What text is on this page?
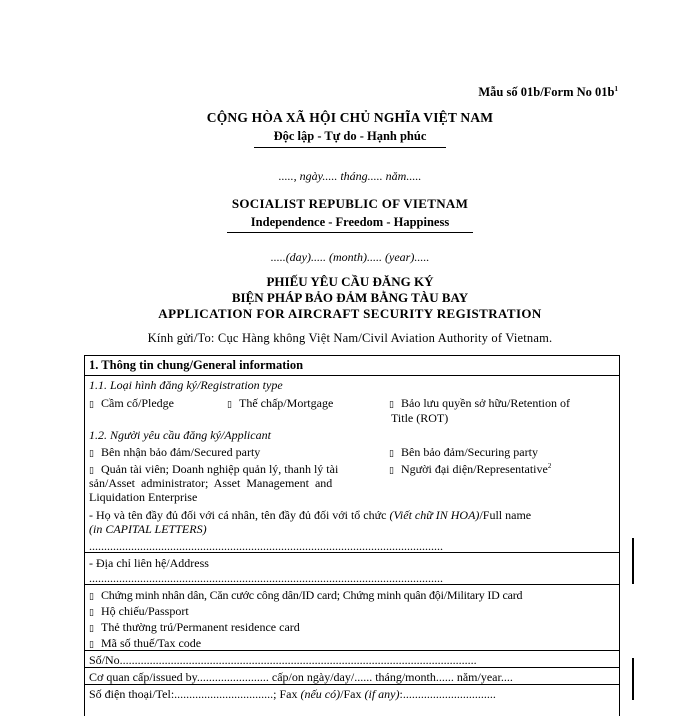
Mẫu số 01b/Form No $01b^1$
CỘNG HÒA XÃ HỘI CHỦ NGHĨA VIỆT NAM
Độc lập - Tự do - Hạnh phúc
....., ngày..... tháng..... năm.....
SOCIALIST REPUBLIC OF VIETNAM
Independence - Freedom - Happiness
.....(day)..... (month)..... (year).....
PHIẾU YÊU CẦU ĐĂNG KÝ
BIỆN PHÁP BẢO ĐẢM BẰNG TÀU BAY
APPLICATION FOR AIRCRAFT SECURITY REGISTRATION
Kính gửi/To: Cục Hàng không Việt Nam/Civil Aviation Authority of Vietnam.
1. Thông tin chung/General information
1.1. Loại hình đăng ký/Registration type
▯ Cầm cố/Pledge	▯ Thế chấp/Mortgage	▯ Bảo lưu quyền sở hữu/Retention of
Title (ROT)
1.2. Người yêu cầu đăng ký/Applicant
▯ Bên nhận bảo đảm/Secured party	▯ Bên bảo đảm/Securing party
▯ Quản tài viên; Doanh nghiệp quản lý, thanh lý tài
sản/Asset administrator; Asset Management and
Liquidation Enterprise
▯ Người đại diện/Representative$^2$
- Họ và tên đầy đủ đối với cá nhân, tên đầy đủ đối với tổ chức (Viết chữ IN HOA)/Full name
(in CAPITAL LETTERS)
......................................................................................................................
- Địa chỉ liên hệ/Address
......................................................................................................................
▯ Chứng minh nhân dân, Căn cước công dân/ID card; Chứng minh quân đội/Military ID card
▯ Hộ chiếu/Passport
▯ Thẻ thường trú/Permanent residence card
▯ Mã số thuế/Tax code
Số/No.......................................................................................................................
Cơ quan cấp/issued by........................ cấp/on ngày/day/...... tháng/month...... năm/year....
Số điện thoại/Tel:.................................; Fax (nếu có)/Fax (if any):...............................
